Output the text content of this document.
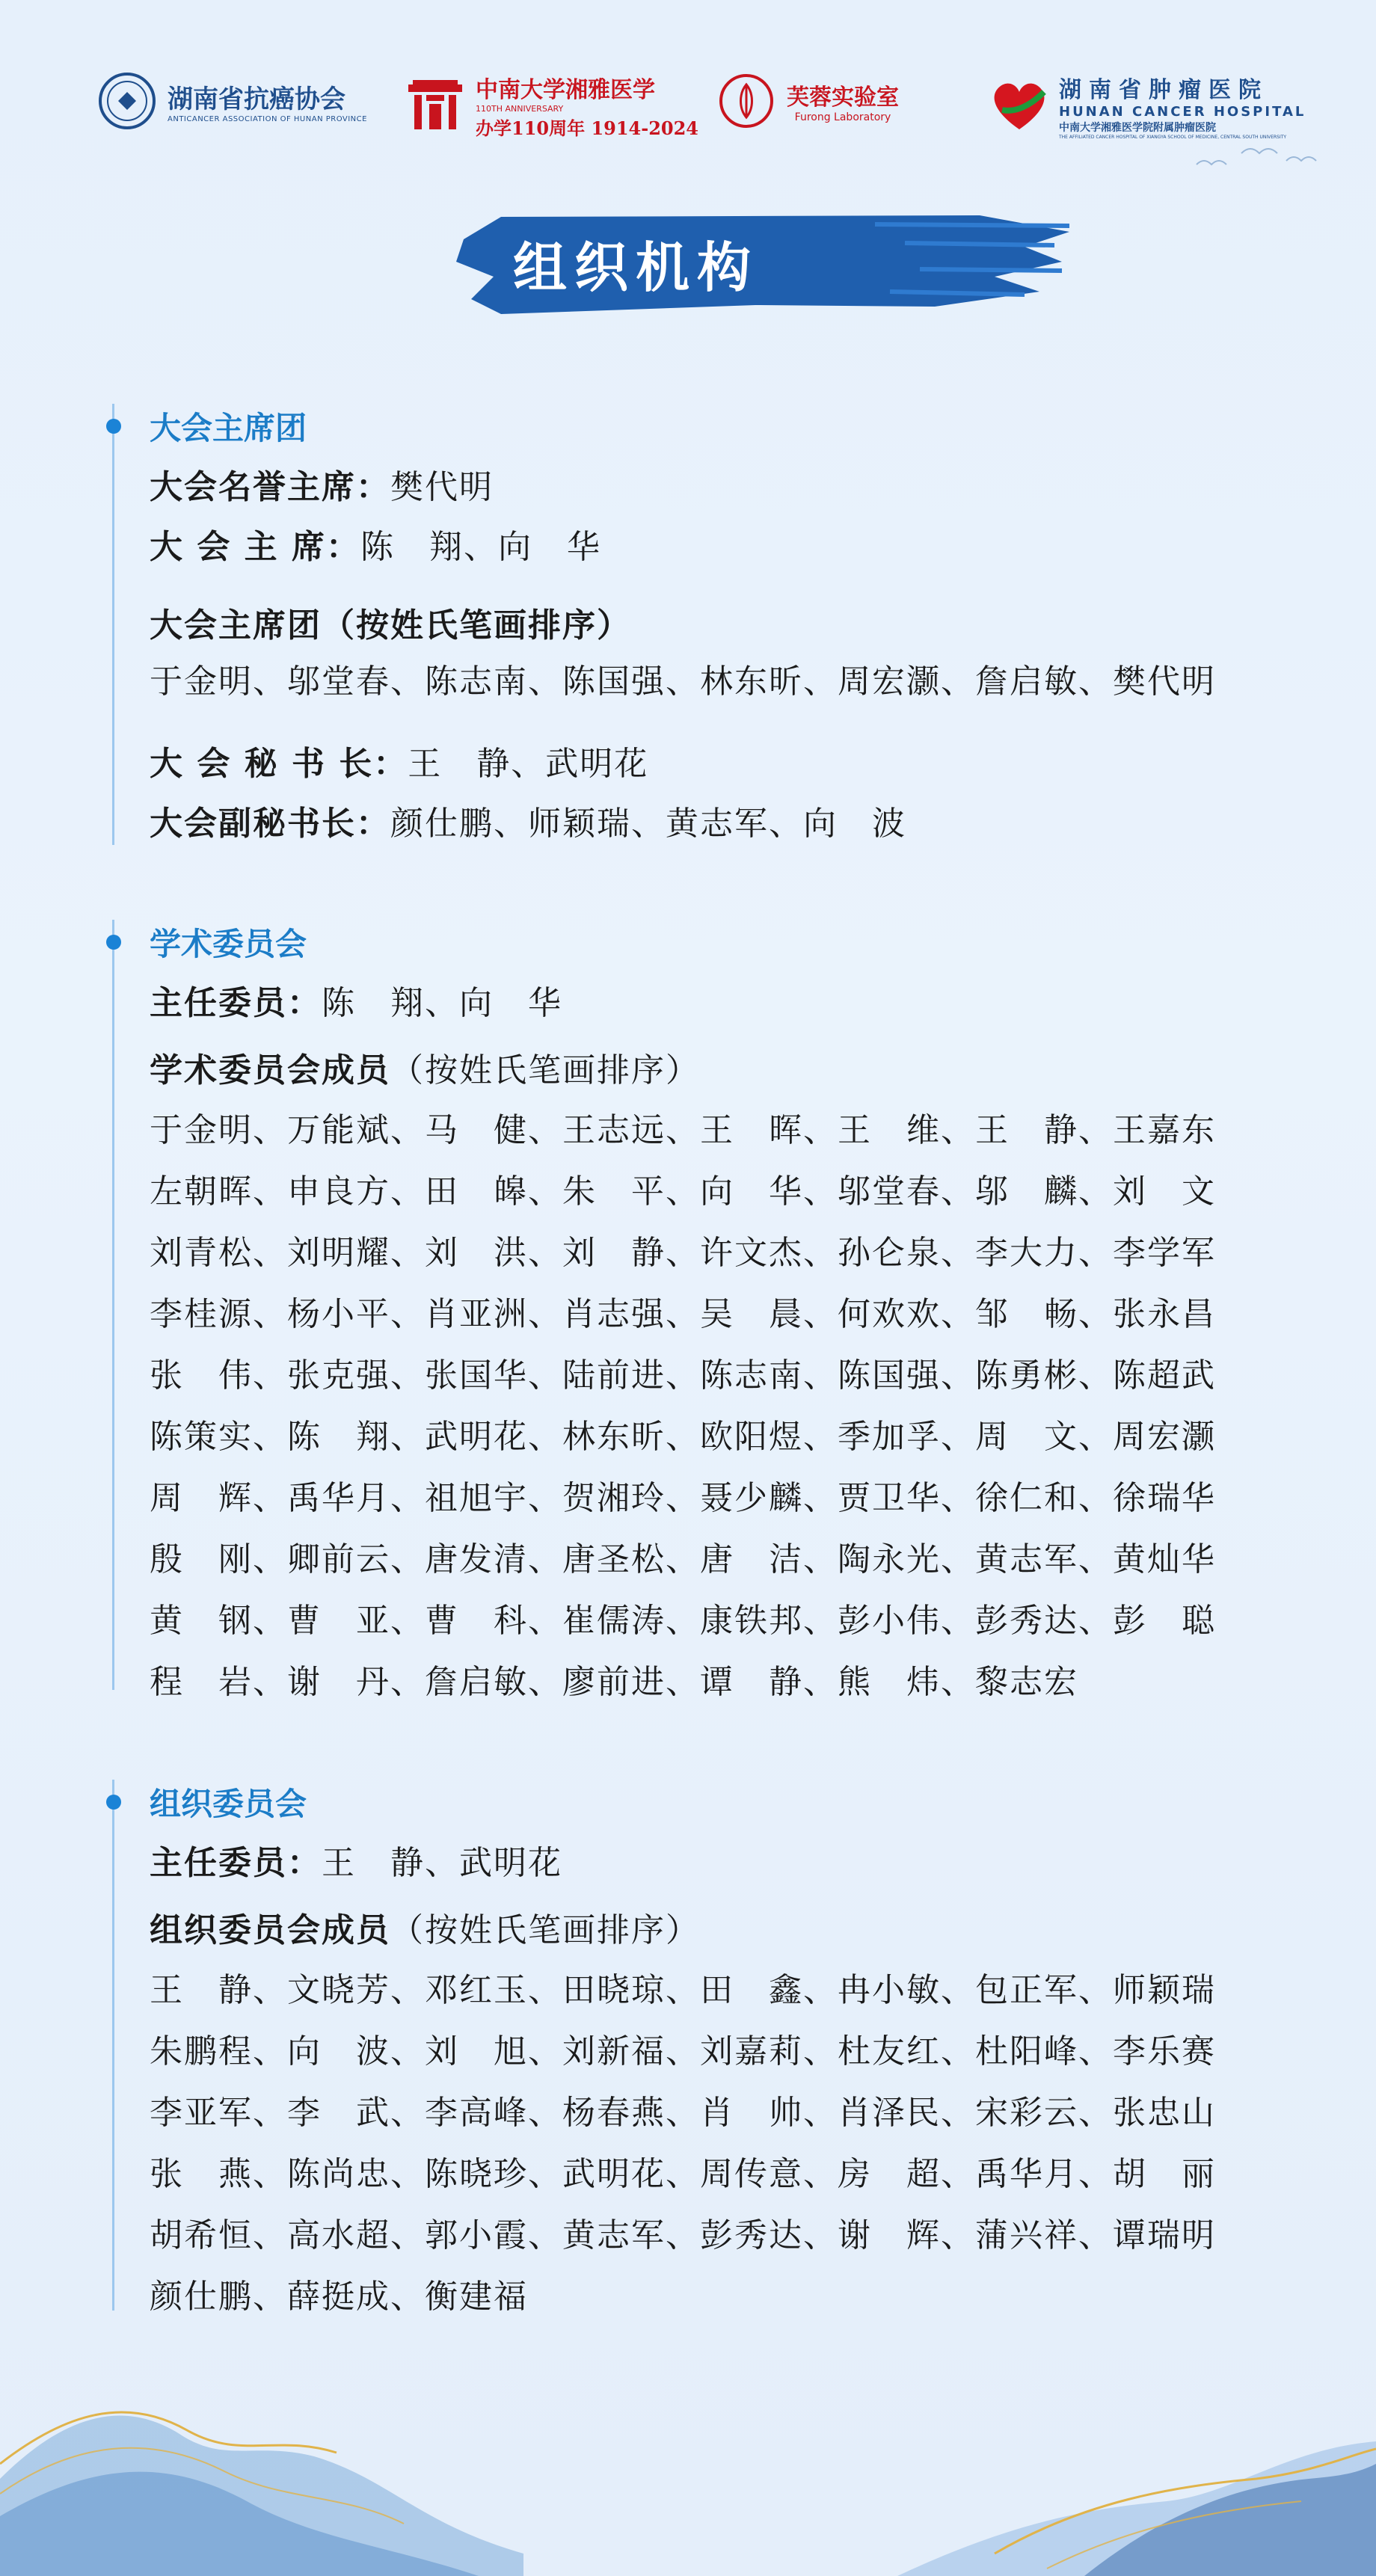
湖南省抗癌协会
ANTICANCER ASSOCIATION OF HUNAN PROVINCE
中南大学湘雅医学
110TH ANNIVERSARY
办学110周年 1914-2024
芙蓉实验室
Furong Laboratory
湖南省肿瘤医院
HUNAN CANCER HOSPITAL
中南大学湘雅医学院附属肿瘤医院
THE AFFILIATED CANCER HOSPITAL OF XIANGYA SCHOOL OF MEDICINE, CENTRAL SOUTH UNIVERSITY
组织机构
大会主席团
大会名誉主席：樊代明
大 会 主 席：陈　翔、向　华
大会主席团（按姓氏笔画排序）
于金明、邬堂春、陈志南、陈国强、林东昕、周宏灏、詹启敏、樊代明
大 会 秘 书 长：王　静、武明花
大会副秘书长：颜仕鹏、师颖瑞、黄志军、向　波
学术委员会
主任委员：陈　翔、向　华
学术委员会成员（按姓氏笔画排序）
于金明、万能斌、马　健、王志远、王　晖、王　维、王　静、王嘉东
左朝晖、申良方、田　皞、朱　平、向　华、邬堂春、邬　麟、刘　文
刘青松、刘明耀、刘　洪、刘　静、许文杰、孙仑泉、李大力、李学军
李桂源、杨小平、肖亚洲、肖志强、吴　晨、何欢欢、邹　畅、张永昌
张　伟、张克强、张国华、陆前进、陈志南、陈国强、陈勇彬、陈超武
陈策实、陈　翔、武明花、林东昕、欧阳煜、季加孚、周　文、周宏灏
周　辉、禹华月、祖旭宇、贺湘玲、聂少麟、贾卫华、徐仁和、徐瑞华
殷　刚、卿前云、唐发清、唐圣松、唐　洁、陶永光、黄志军、黄灿华
黄　钢、曹　亚、曹　科、崔儒涛、康铁邦、彭小伟、彭秀达、彭　聪
程　岩、谢　丹、詹启敏、廖前进、谭　静、熊　炜、黎志宏
组织委员会
主任委员：王　静、武明花
组织委员会成员（按姓氏笔画排序）
王　静、文晓芳、邓红玉、田晓琼、田　鑫、冉小敏、包正军、师颖瑞
朱鹏程、向　波、刘　旭、刘新福、刘嘉莉、杜友红、杜阳峰、李乐赛
李亚军、李　武、李高峰、杨春燕、肖　帅、肖泽民、宋彩云、张忠山
张　燕、陈尚忠、陈晓珍、武明花、周传意、房　超、禹华月、胡　丽
胡希恒、高水超、郭小霞、黄志军、彭秀达、谢　辉、蒲兴祥、谭瑞明
颜仕鹏、薛挺成、衡建福
